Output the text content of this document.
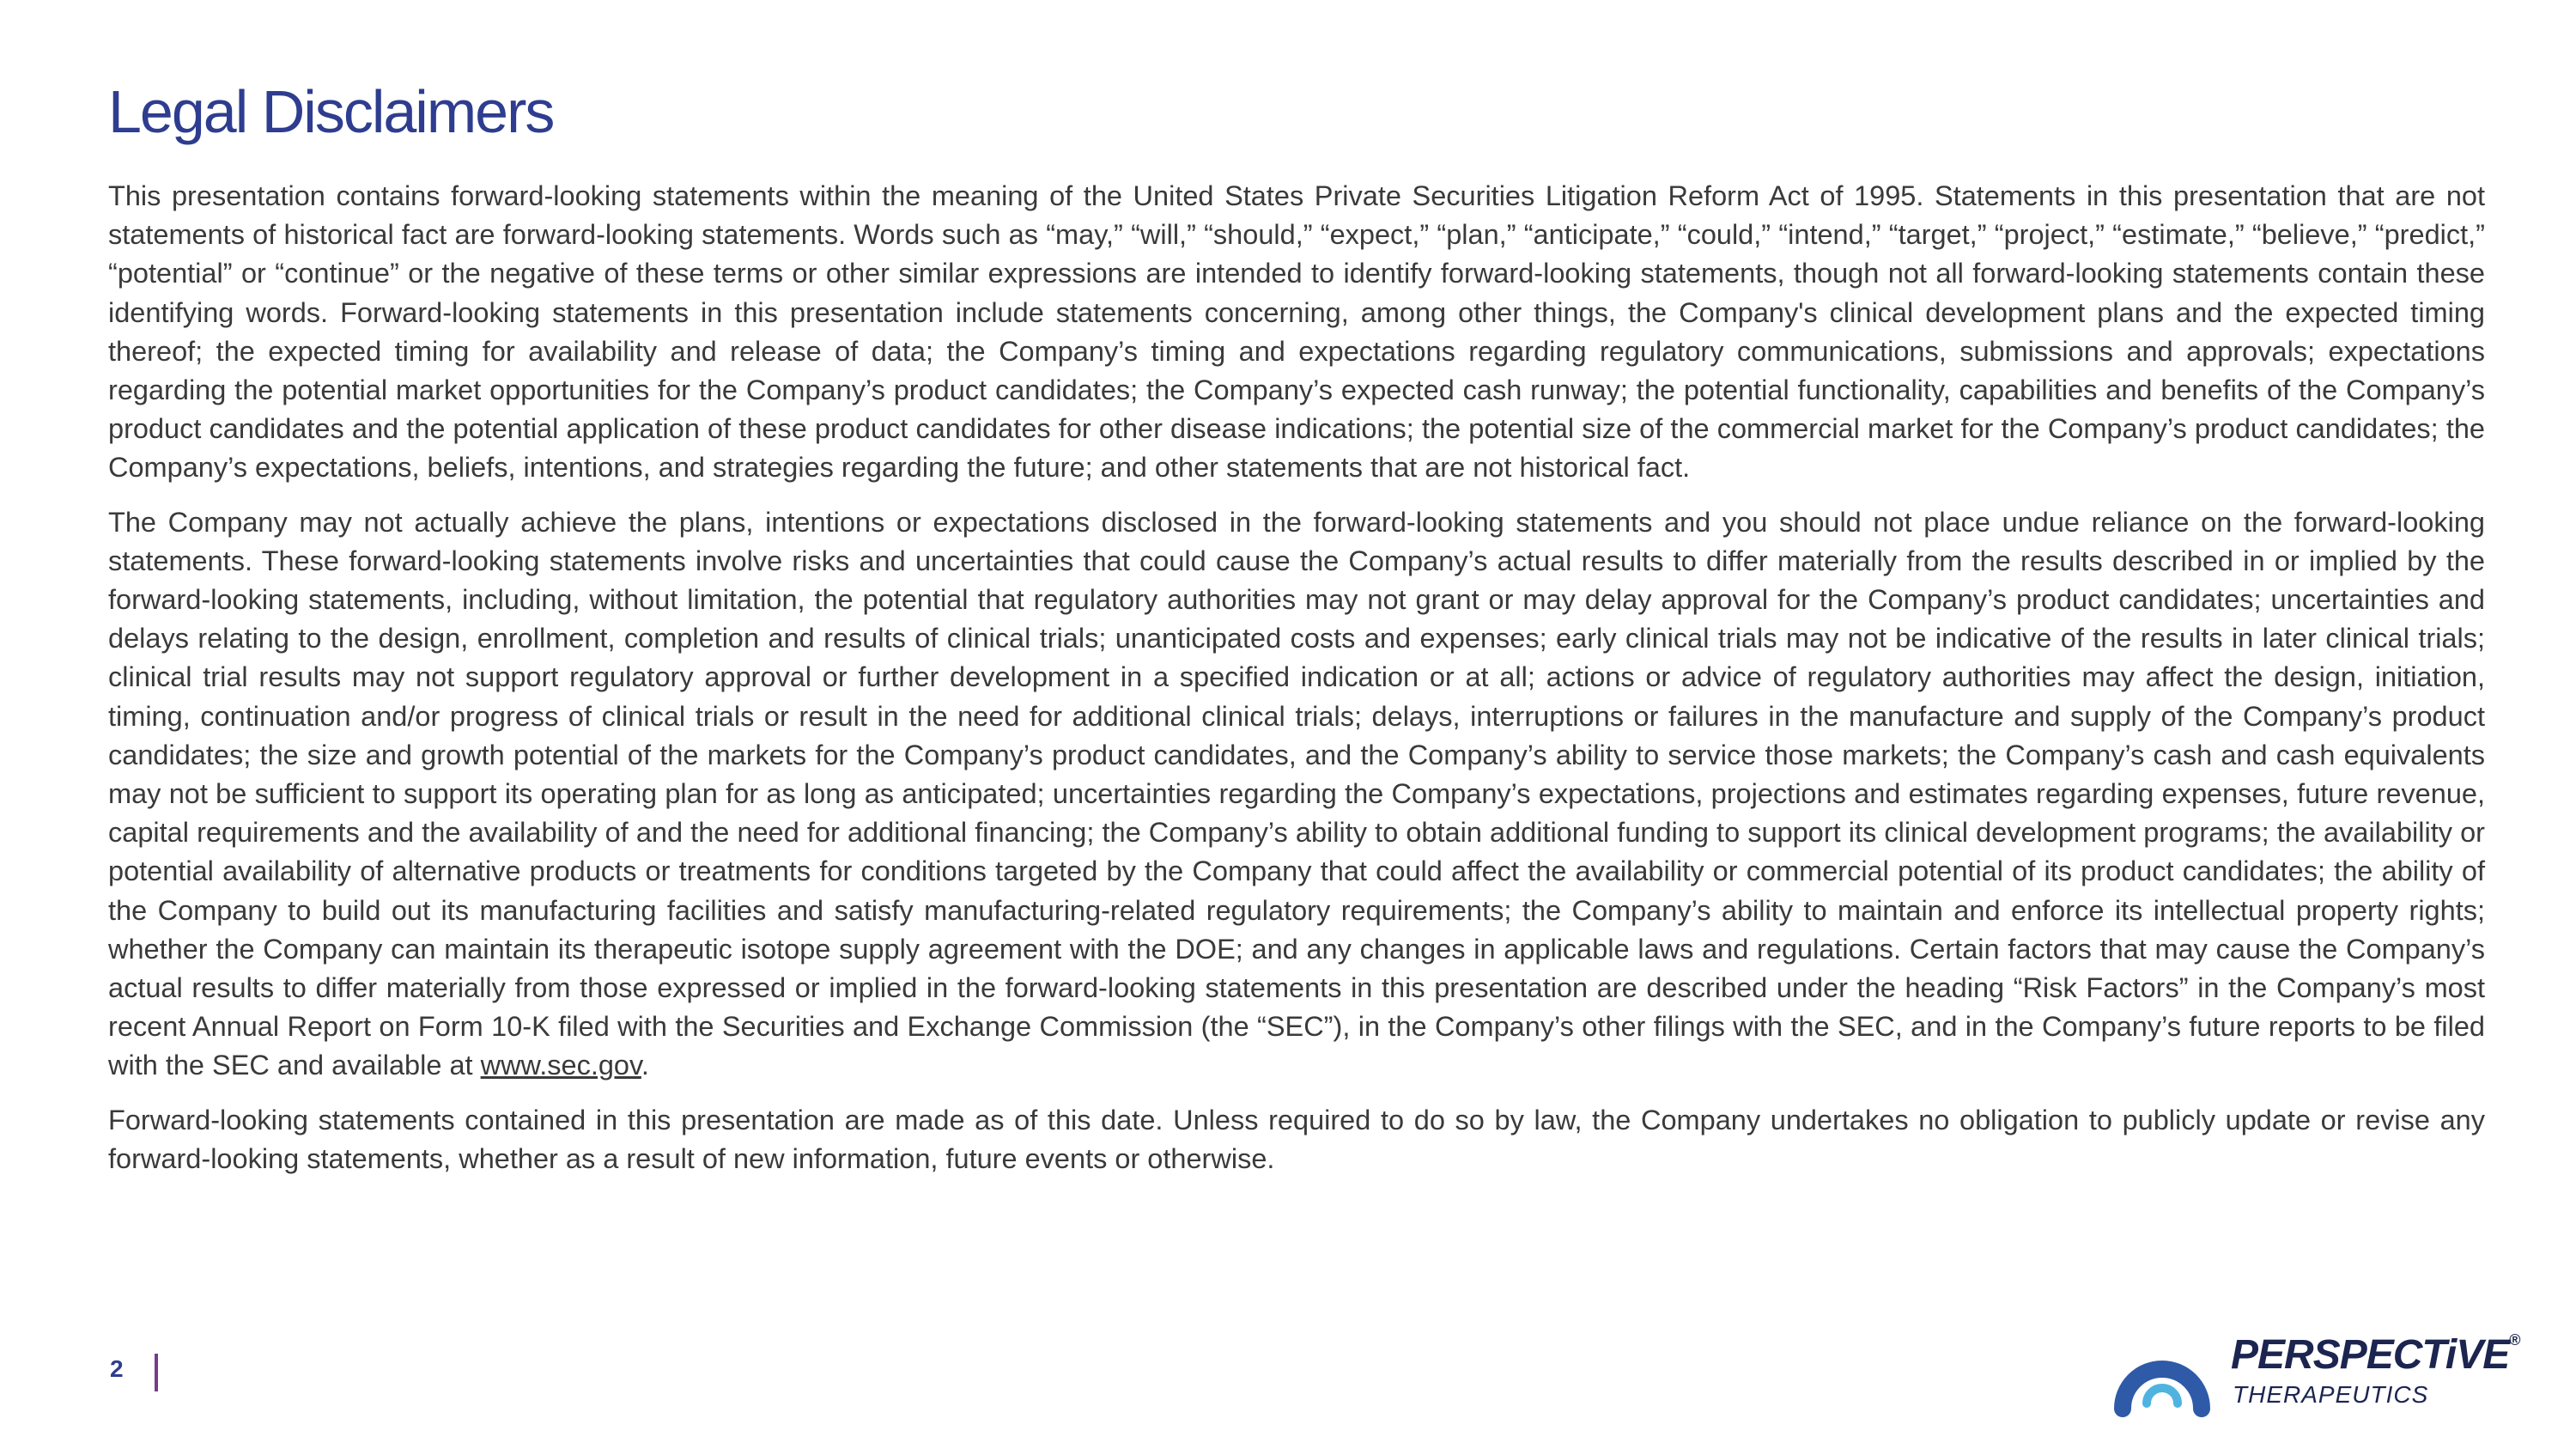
Legal Disclaimers

This presentation contains forward-looking statements within the meaning of the United States Private Securities Litigation Reform Act of 1995. Statements in this presentation that are not statements of historical fact are forward-looking statements. Words such as “may,” “will,” “should,” “expect,” “plan,” “anticipate,” “could,” “intend,” “target,” “project,” “estimate,” “believe,” “predict,” “potential” or “continue” or the negative of these terms or other similar expressions are intended to identify forward-looking statements, though not all forward-looking statements contain these identifying words. Forward-looking statements in this presentation include statements concerning, among other things, the Company's clinical development plans and the expected timing thereof; the expected timing for availability and release of data; the Company’s timing and expectations regarding regulatory communications, submissions and approvals; expectations regarding the potential market opportunities for the Company’s product candidates; the Company’s expected cash runway; the potential functionality, capabilities and benefits of the Company’s product candidates and the potential application of these product candidates for other disease indications; the potential size of the commercial market for the Company’s product candidates; the Company’s expectations, beliefs, intentions, and strategies regarding the future; and other statements that are not historical fact.

The Company may not actually achieve the plans, intentions or expectations disclosed in the forward-looking statements and you should not place undue reliance on the forward-looking statements. These forward-looking statements involve risks and uncertainties that could cause the Company’s actual results to differ materially from the results described in or implied by the forward-looking statements, including, without limitation, the potential that regulatory authorities may not grant or may delay approval for the Company’s product candidates; uncertainties and delays relating to the design, enrollment, completion and results of clinical trials; unanticipated costs and expenses; early clinical trials may not be indicative of the results in later clinical trials; clinical trial results may not support regulatory approval or further development in a specified indication or at all; actions or advice of regulatory authorities may affect the design, initiation, timing, continuation and/or progress of clinical trials or result in the need for additional clinical trials; delays, interruptions or failures in the manufacture and supply of the Company’s product candidates; the size and growth potential of the markets for the Company’s product candidates, and the Company’s ability to service those markets; the Company’s cash and cash equivalents may not be sufficient to support its operating plan for as long as anticipated; uncertainties regarding the Company’s expectations, projections and estimates regarding expenses, future revenue, capital requirements and the availability of and the need for additional financing; the Company’s ability to obtain additional funding to support its clinical development programs; the availability or potential availability of alternative products or treatments for conditions targeted by the Company that could affect the availability or commercial potential of its product candidates; the ability of the Company to build out its manufacturing facilities and satisfy manufacturing-related regulatory requirements; the Company’s ability to maintain and enforce its intellectual property rights; whether the Company can maintain its therapeutic isotope supply agreement with the DOE; and any changes in applicable laws and regulations. Certain factors that may cause the Company’s actual results to differ materially from those expressed or implied in the forward-looking statements in this presentation are described under the heading “Risk Factors” in the Company’s most recent Annual Report on Form 10-K filed with the Securities and Exchange Commission (the “SEC”), in the Company’s other filings with the SEC, and in the Company’s future reports to be filed with the SEC and available at www.sec.gov.

Forward-looking statements contained in this presentation are made as of this date. Unless required to do so by law, the Company undertakes no obligation to publicly update or revise any forward-looking statements, whether as a result of new information, future events or otherwise.

2	PERSPECTiVE®
THERAPEUTICS
